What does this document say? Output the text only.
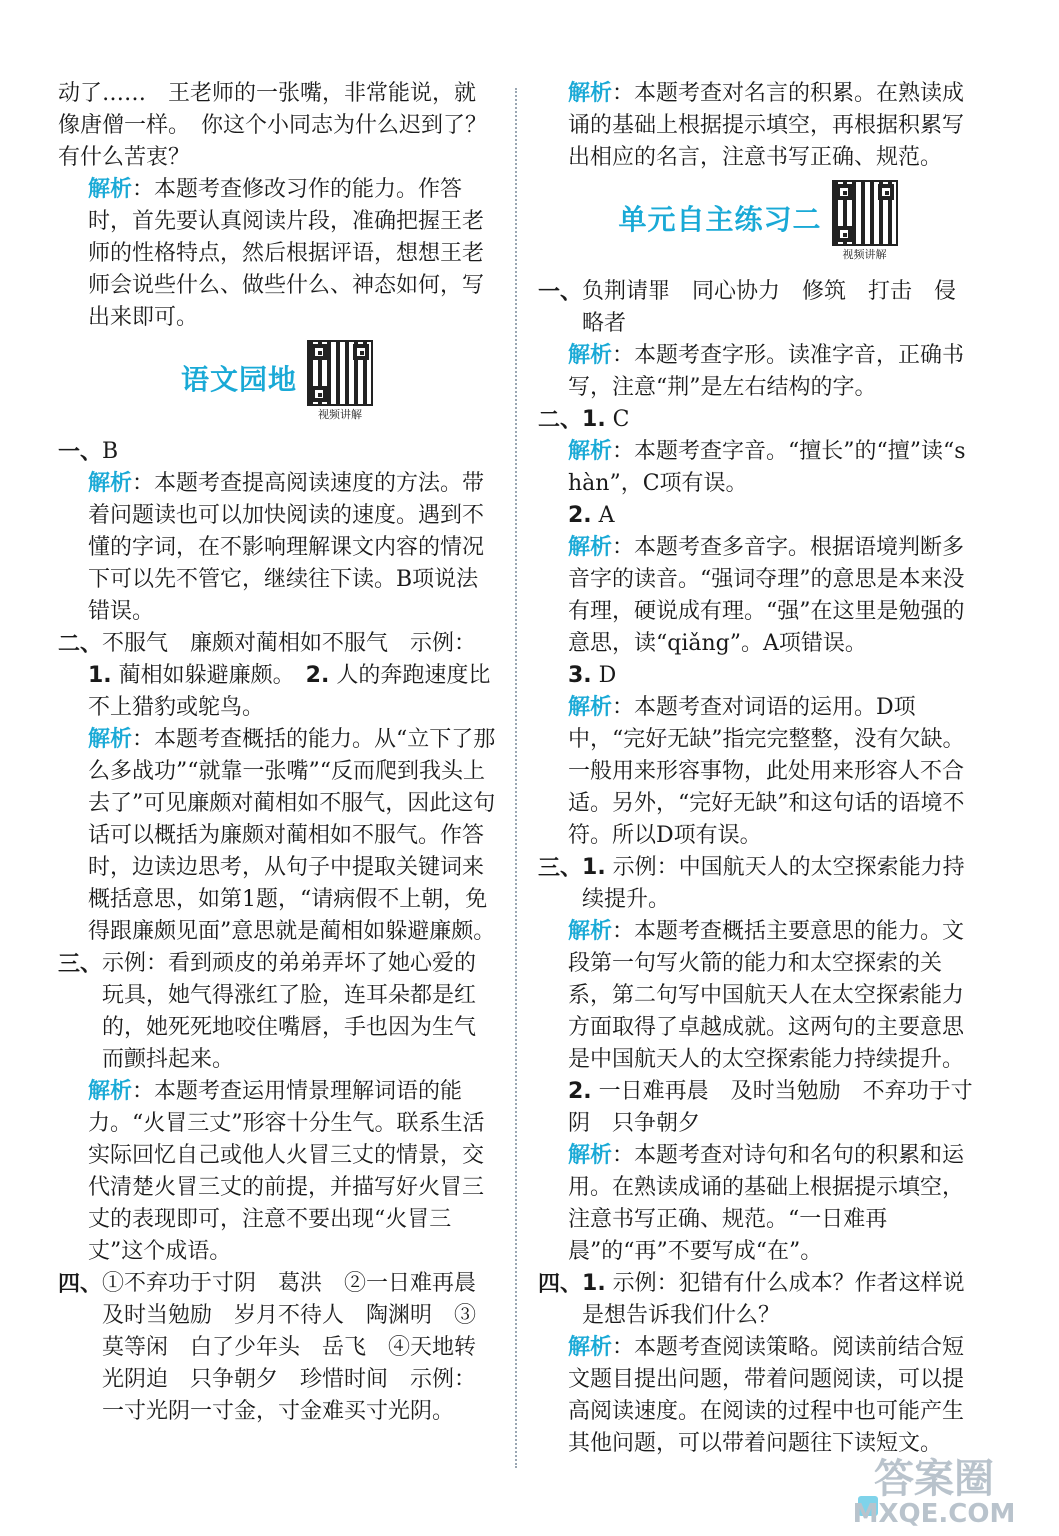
动了……　王老师的一张嘴，非常能说，就像唐僧一样。　你这个小同志为什么迟到了？有什么苦衷？

解析：本题考查修改习作的能力。作答时，首先要认真阅读片段，准确把握王老师的性格特点，然后根据评语，想想王老师会说些什么、做些什么、神态如何，写出来即可。

语文园地
视频讲解
一、 B

解析：本题考查提高阅读速度的方法。带着问题读也可以加快阅读的速度。遇到不懂的字词，在不影响理解课文内容的情况下可以先不管它，继续往下读。B项说法错误。

二、 不服气　廉颇对蔺相如不服气　示例：

1. 蔺相如躲避廉颇。　2. 人的奔跑速度比不上猎豹或鸵鸟。

解析：本题考查概括的能力。从“立下了那么多战功”“就靠一张嘴”“反而爬到我头上去了”可见廉颇对蔺相如不服气，因此这句话可以概括为廉颇对蔺相如不服气。作答时，边读边思考，从句子中提取关键词来概括意思，如第1题，“请病假不上朝，免得跟廉颇见面”意思就是蔺相如躲避廉颇。

三、 示例：看到顽皮的弟弟弄坏了她心爱的玩具，她气得涨红了脸，连耳朵都是红的，她死死地咬住嘴唇，手也因为生气而颤抖起来。

解析：本题考查运用情景理解词语的能力。“火冒三丈”形容十分生气。联系生活实际回忆自己或他人火冒三丈的情景，交代清楚火冒三丈的前提，并描写好火冒三丈的表现即可，注意不要出现“火冒三丈”这个成语。

四、 ①不弃功于寸阴　葛洪　②一日难再晨　及时当勉励　岁月不待人　陶渊明　③莫等闲　白了少年头　岳飞　④天地转　光阴迫　只争朝夕　珍惜时间　示例：一寸光阴一寸金，寸金难买寸光阴。

解析：本题考查对名言的积累。在熟读成诵的基础上根据提示填空，再根据积累写出相应的名言，注意书写正确、规范。

单元自主练习二
视频讲解
一、 负荆请罪　同心协力　修筑　打击　侵略者

解析：本题考查字形。读准字音，正确书写，注意“荆”是左右结构的字。

二、 1. C

解析：本题考查字音。“擅长”的“擅”读“shàn”，C项有误。

2. A

解析：本题考查多音字。根据语境判断多音字的读音。“强词夺理”的意思是本来没有理，硬说成有理。“强”在这里是勉强的意思，读“qiǎng”。A项错误。

3. D

解析：本题考查对词语的运用。D项中，“完好无缺”指完完整整，没有欠缺。一般用来形容事物，此处用来形容人不合适。另外，“完好无缺”和这句话的语境不符。所以D项有误。

三、 1. 示例：中国航天人的太空探索能力持续提升。

解析：本题考查概括主要意思的能力。文段第一句写火箭的能力和太空探索的关系，第二句写中国航天人在太空探索能力方面取得了卓越成就。这两句的主要意思是中国航天人的太空探索能力持续提升。

2. 一日难再晨　及时当勉励　不弃功于寸阴　只争朝夕

解析：本题考查对诗句和名句的积累和运用。在熟读成诵的基础上根据提示填空，注意书写正确、规范。“一日难再晨”的“再”不要写成“在”。

四、 1. 示例：犯错有什么成本？作者这样说是想告诉我们什么？

解析：本题考查阅读策略。阅读前结合短文题目提出问题，带着问题阅读，可以提高阅读速度。在阅读的过程中也可能产生其他问题，可以带着问题往下读短文。

答案圈
MXQE.COM
